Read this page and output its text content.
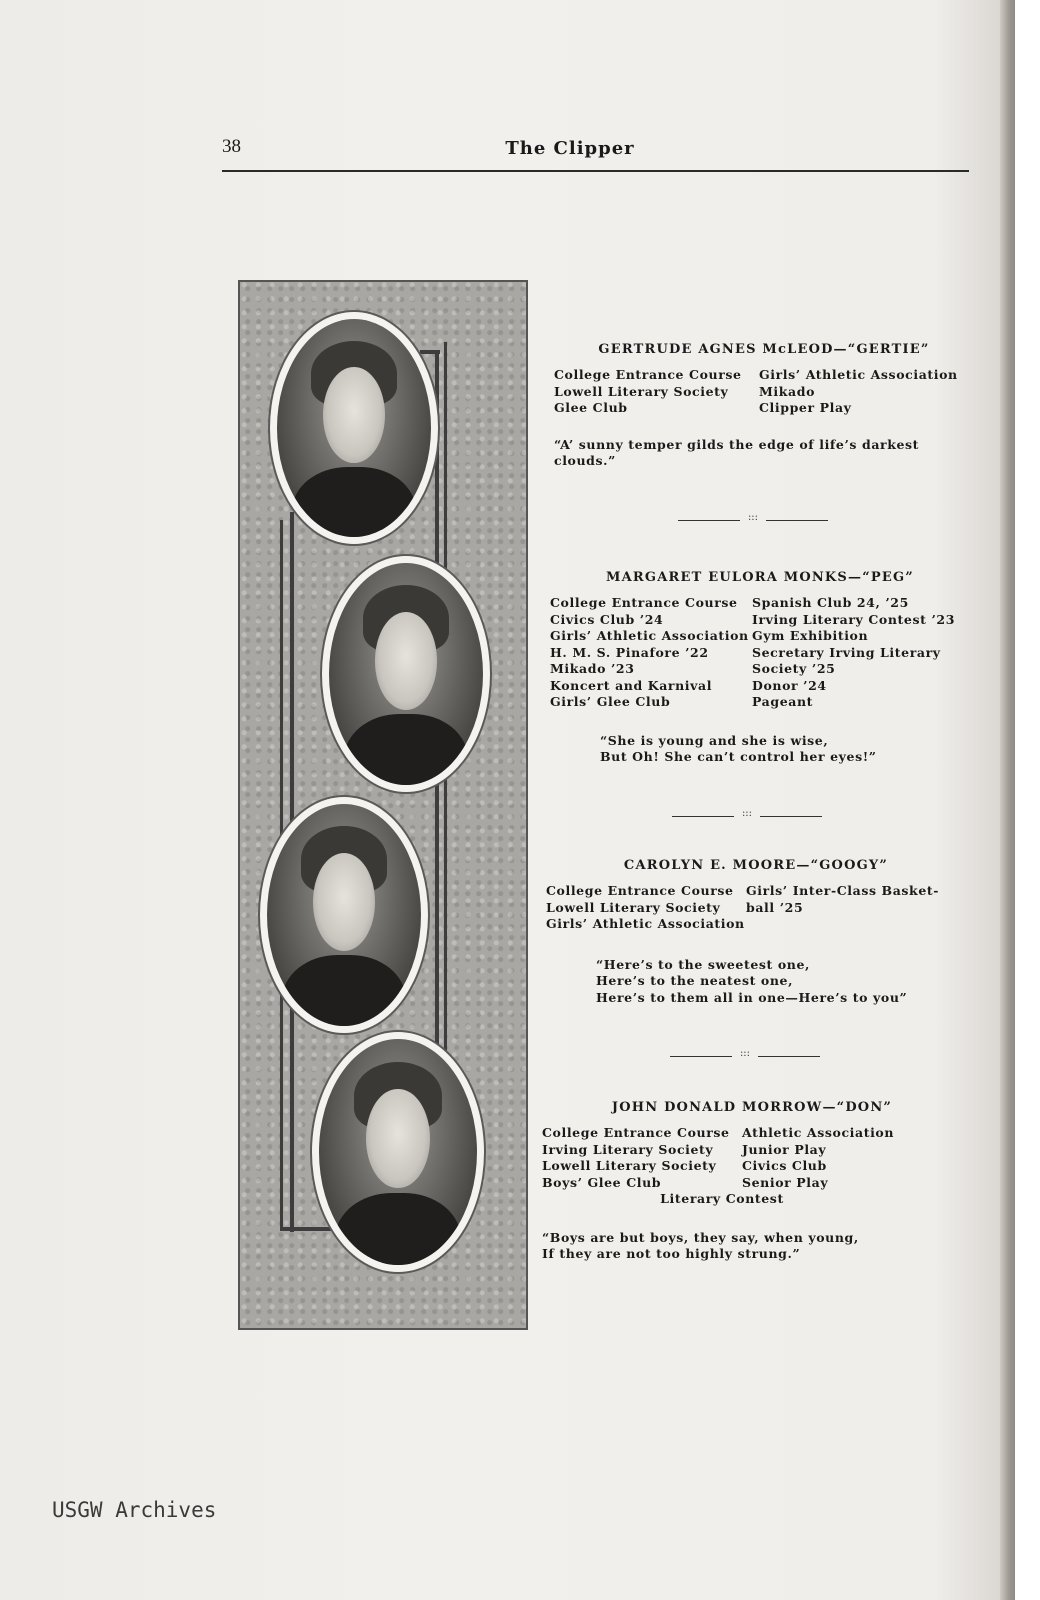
38	The Clipper
GERTRUDE AGNES McLEOD—“GERTIE”
College Entrance Course
Lowell Literary Society
Glee Club
Girls’ Athletic Association
Mikado
Clipper Play
“A’ sunny temper gilds the edge of life’s darkest clouds.”
:::
MARGARET EULORA MONKS—“PEG”
College Entrance Course
Civics Club ’24
Girls’ Athletic Association
H. M. S. Pinafore ’22
Mikado ’23
Koncert and Karnival
Girls’ Glee Club
Spanish Club 24, ’25
Irving Literary Contest ’23
Gym Exhibition
Secretary Irving Literary
Society ’25
Donor ’24
Pageant
“She is young and she is wise,
But Oh! She can’t control her eyes!”
:::
CAROLYN E. MOORE—“GOOGY”
College Entrance Course
Lowell Literary Society
Girls’ Athletic Association
Girls’ Inter-Class Basket-
ball ’25
“Here’s to the sweetest one,
Here’s to the neatest one,
Here’s to them all in one—Here’s to you”
:::
JOHN DONALD MORROW—“DON”
College Entrance Course
Irving Literary Society
Lowell Literary Society
Boys’ Glee Club
Athletic Association
Junior Play
Civics Club
Senior Play
Literary Contest
“Boys are but boys, they say, when young,
If they are not too highly strung.”
USGW Archives
